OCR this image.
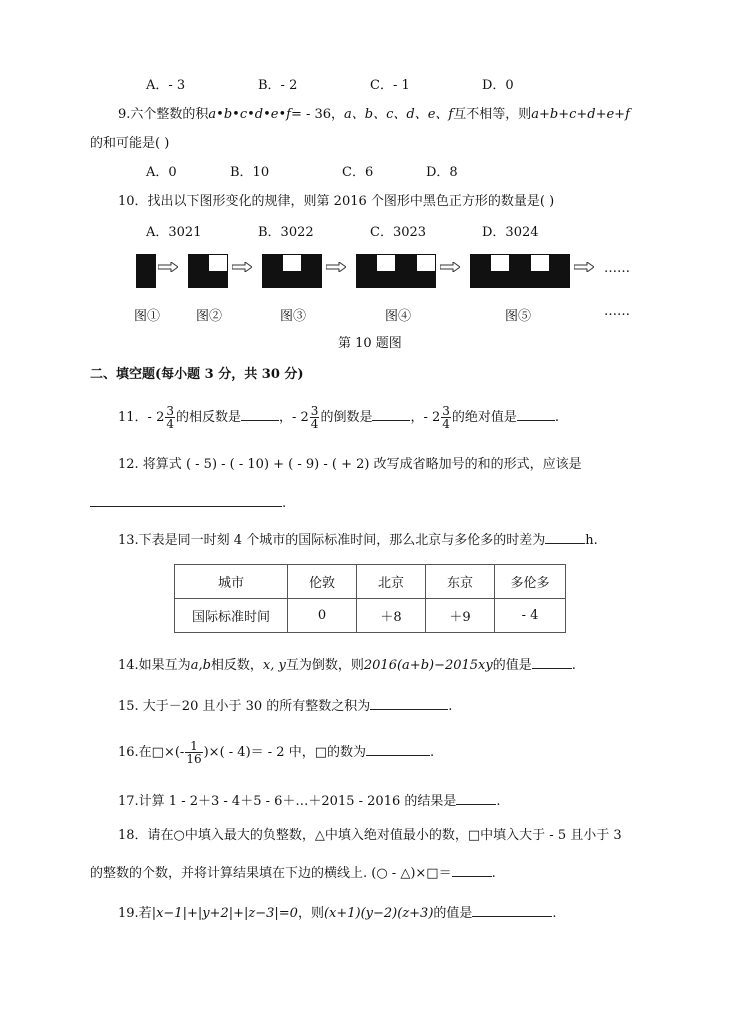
A．- 3	B．- 2	C．- 1	D．0
9.六个整数的积a•b•c•d•e•f= - 36，a、b、c、d、e、f互不相等，则a+b+c+d+e+f
的和可能是( )
A．0	B．10	C．6	D．8
10．找出以下图形变化的规律，则第 2016 个图形中黑色正方形的数量是( )
A．3021	B．3022	C．3023	D．3024
……
图①	图②	图③	图④	图⑤	……
第 10 题图
二、填空题(每小题 3 分，共 30 分)
11．- $2 \frac{3}{4}$ 的相反数是	，- $2 \frac{3}{4}$ 的倒数是	，- $2 \frac{3}{4}$ 的绝对值是	.
12. 将算式 ( - 5) - ( - 10) + ( - 9) - ( + 2) 改写成省略加号的和的形式，应该是
.
13.下表是同一时刻 4 个城市的国际标准时间，那么北京与多伦多的时差为	h.
城市	伦敦	北京	东京	多伦多
国际标准时间	0	＋8	＋9	- 4
14.如果互为a,b相反数，x, y互为倒数，则2016(a+b)−2015xy的值是	.
15. 大于－20 且小于 30 的所有整数之积为	.
16.在□×(- $\frac{1}{16}$ )×( - 4)＝ - 2 中，□的数为	.
17.计算 1 - 2＋3 - 4＋5 - 6＋…＋2015 - 2016 的结果是	.
18．请在○中填入最大的负整数，△中填入绝对值最小的数，□中填入大于 - 5 且小于 3
的整数的个数，并将计算结果填在下边的横线上. (○ - △)×□＝	.
19.若|x−1|+|y+2|+|z−3|=0，则(x+1)(y−2)(z+3)的值是	.
